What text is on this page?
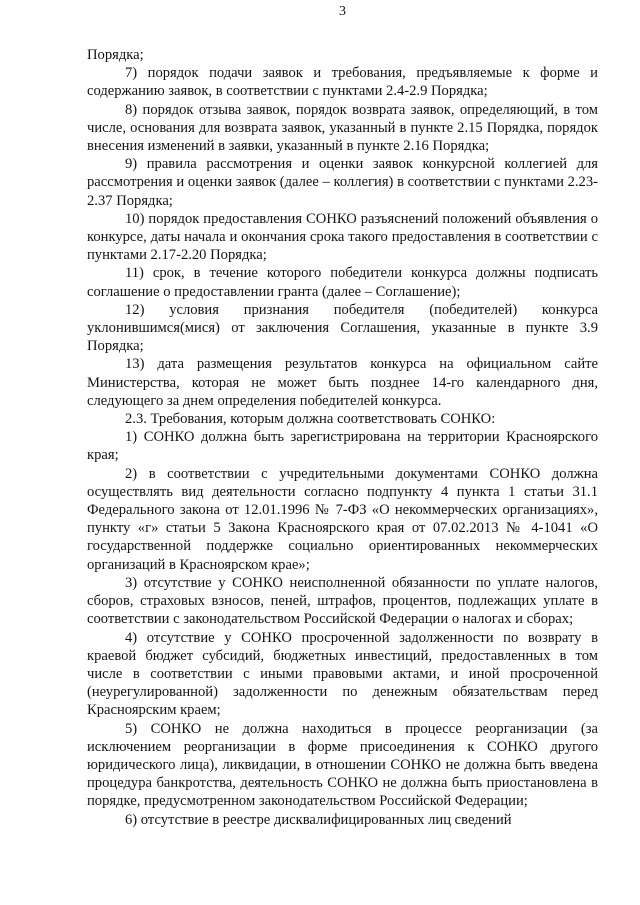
3

Порядка;

7) порядок подачи заявок и требования, предъявляемые к форме и содержанию заявок, в соответствии с пунктами 2.4-2.9 Порядка;

8) порядок отзыва заявок, порядок возврата заявок, определяющий, в том числе, основания для возврата заявок, указанный в пункте 2.15 Порядка, порядок внесения изменений в заявки, указанный в пункте 2.16 Порядка;

9) правила рассмотрения и оценки заявок конкурсной коллегией для рассмотрения и оценки заявок (далее – коллегия) в соответствии с пунктами 2.23-2.37 Порядка;

10) порядок предоставления СОНКО разъяснений положений объявления о конкурсе, даты начала и окончания срока такого предоставления в соответствии с пунктами 2.17-2.20 Порядка;

11) срок, в течение которого победители конкурса должны подписать соглашение о предоставлении гранта (далее – Соглашение);

12) условия признания победителя (победителей) конкурса уклонившимся(мися) от заключения Соглашения, указанные в пункте 3.9 Порядка;

13) дата размещения результатов конкурса на официальном сайте Министерства, которая не может быть позднее 14-го календарного дня, следующего за днем определения победителей конкурса.

2.3. Требования, которым должна соответствовать СОНКО:

1) СОНКО должна быть зарегистрирована на территории Красноярского края;

2) в соответствии с учредительными документами СОНКО должна осуществлять вид деятельности согласно подпункту 4 пункта 1 статьи 31.1 Федерального закона от 12.01.1996 № 7-ФЗ «О некоммерческих организациях», пункту «г» статьи 5 Закона Красноярского края от 07.02.2013 № 4-1041 «О государственной поддержке социально ориентированных некоммерческих организаций в Красноярском крае»;

3) отсутствие у СОНКО неисполненной обязанности по уплате налогов, сборов, страховых взносов, пеней, штрафов, процентов, подлежащих уплате в соответствии с законодательством Российской Федерации о налогах и сборах;

4) отсутствие у СОНКО просроченной задолженности по возврату в краевой бюджет субсидий, бюджетных инвестиций, предоставленных в том числе в соответствии с иными правовыми актами, и иной просроченной (неурегулированной) задолженности по денежным обязательствам перед Красноярским краем;

5) СОНКО не должна находиться в процессе реорганизации (за исключением реорганизации в форме присоединения к СОНКО другого юридического лица), ликвидации, в отношении СОНКО не должна быть введена процедура банкротства, деятельность СОНКО не должна быть приостановлена в порядке, предусмотренном законодательством Российской Федерации;

6) отсутствие в реестре дисквалифицированных лиц сведений
